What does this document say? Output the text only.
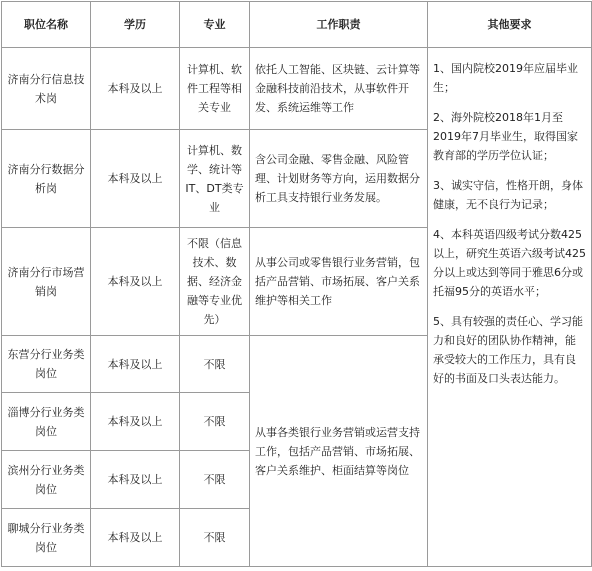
职位名称	学历	专业	工作职责	其他要求
济南分行信息技术岗	本科及以上	计算机、软件工程等相关专业	依托人工智能、区块链、云计算等金融科技前沿技术，从事软件开发、系统运维等工作	1、国内院校2019年应届毕业生；

2、海外院校2018年1月至2019年7月毕业生，取得国家教育部的学历学位认证；

3、诚实守信，性格开朗，身体健康，无不良行为记录；

4、本科英语四级考试分数425以上，研究生英语六级考试425分以上或达到等同于雅思6分或托福95分的英语水平；

5、具有较强的责任心、学习能力和良好的团队协作精神，能承受较大的工作压力，具有良好的书面及口头表达能力。

济南分行数据分析岗	本科及以上	计算机、数学、统计等IT、DT类专业	含公司金融、零售金融、风险管理、计划财务等方向，运用数据分析工具支持银行业务发展。	
济南分行市场营销岗	本科及以上	不限（信息技术、数据、经济金融等专业优先）	从事公司或零售银行业务营销，包括产品营销、市场拓展、客户关系维护等相关工作	
东营分行业务类岗位	本科及以上	不限	从事各类银行业务营销或运营支持工作，包括产品营销、市场拓展、客户关系维护、柜面结算等岗位	
淄博分行业务类岗位	本科及以上	不限		
滨州分行业务类岗位	本科及以上	不限		
聊城分行业务类岗位	本科及以上	不限		
